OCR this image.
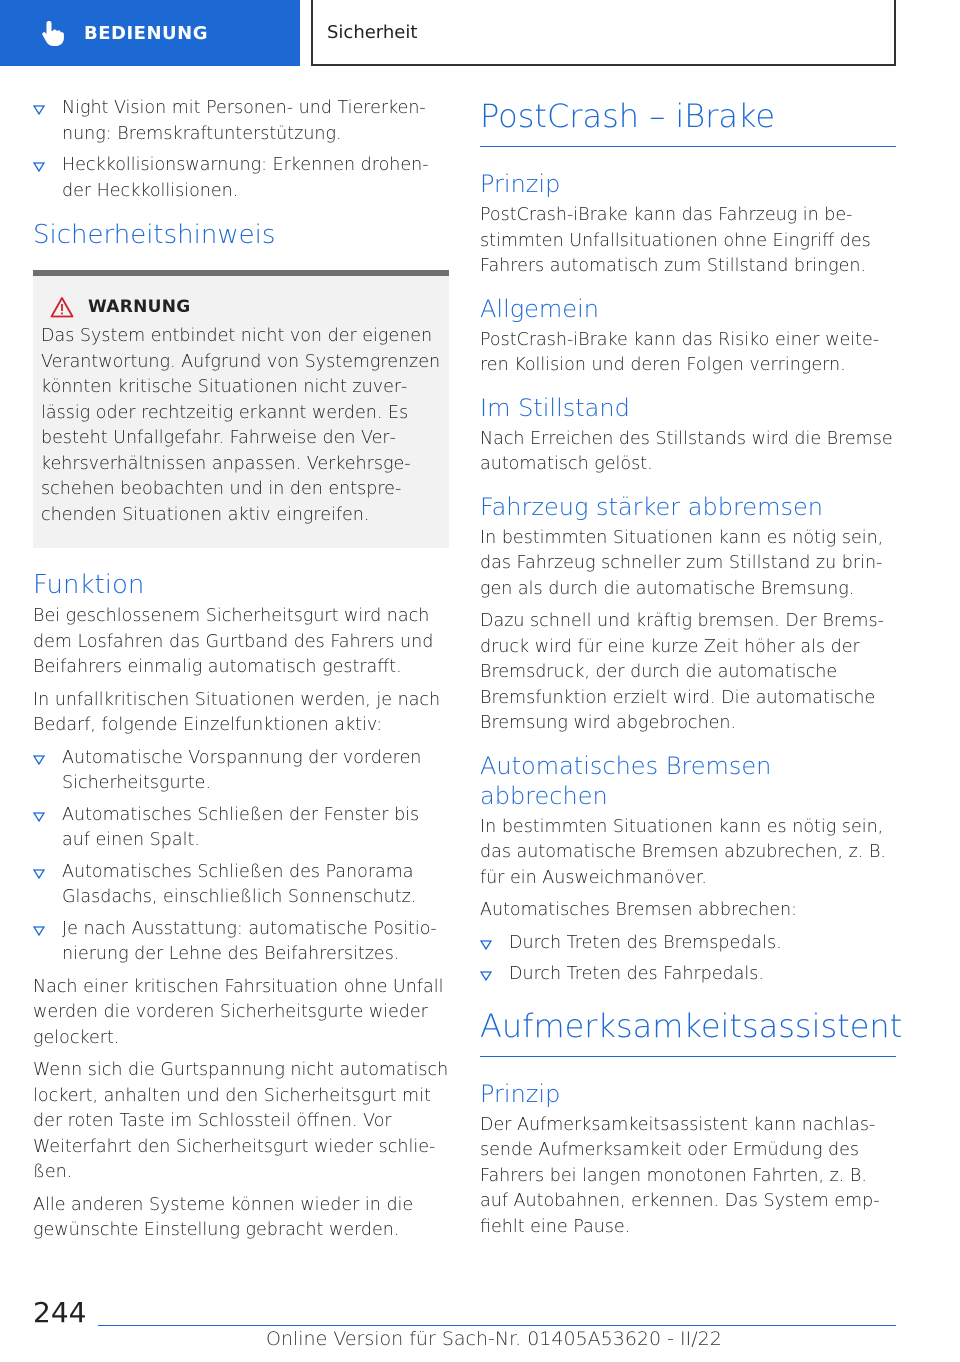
BEDIENUNG	Sicherheit
Night Vision mit Personen- und Tiererkennung: Bremskraftunterstützung.
Heckkollisionswarnung: Erkennen drohender Heckkollisionen.
Sicherheitshinweis
WARNUNG

Das System entbindet nicht von der eigenen Verantwortung. Aufgrund von Systemgrenzen könnten kritische Situationen nicht zuverlässig oder rechtzeitig erkannt werden. Es besteht Unfallgefahr. Fahrweise den Verkehrsverhältnissen anpassen. Verkehrsgeschehen beobachten und in den entsprechenden Situationen aktiv eingreifen.

Funktion

Bei geschlossenem Sicherheitsgurt wird nach dem Losfahren das Gurtband des Fahrers und Beifahrers einmalig automatisch gestrafft.

In unfallkritischen Situationen werden, je nach Bedarf, folgende Einzelfunktionen aktiv:

Automatische Vorspannung der vorderen Sicherheitsgurte.
Automatisches Schließen der Fenster bis auf einen Spalt.
Automatisches Schließen des Panorama Glasdachs, einschließlich Sonnenschutz.
Je nach Ausstattung: automatische Positionierung der Lehne des Beifahrersitzes.

Nach einer kritischen Fahrsituation ohne Unfall werden die vorderen Sicherheitsgurte wieder gelockert.

Wenn sich die Gurtspannung nicht automatisch lockert, anhalten und den Sicherheitsgurt mit der roten Taste im Schlossteil öffnen. Vor Weiterfahrt den Sicherheitsgurt wieder schließen.

Alle anderen Systeme können wieder in die gewünschte Einstellung gebracht werden.

PostCrash – iBrake
Prinzip

PostCrash-iBrake kann das Fahrzeug in bestimmten Unfallsituationen ohne Eingriff des Fahrers automatisch zum Stillstand bringen.

Allgemein

PostCrash-iBrake kann das Risiko einer weiteren Kollision und deren Folgen verringern.

Im Stillstand

Nach Erreichen des Stillstands wird die Bremse automatisch gelöst.

Fahrzeug stärker abbremsen

In bestimmten Situationen kann es nötig sein, das Fahrzeug schneller zum Stillstand zu bringen als durch die automatische Bremsung.

Dazu schnell und kräftig bremsen. Der Bremsdruck wird für eine kurze Zeit höher als der Bremsdruck, der durch die automatische Bremsfunktion erzielt wird. Die automatische Bremsung wird abgebrochen.

Automatisches Bremsen abbrechen

In bestimmten Situationen kann es nötig sein, das automatische Bremsen abzubrechen, z. B. für ein Ausweichmanöver.

Automatisches Bremsen abbrechen:

Durch Treten des Bremspedals.
Durch Treten des Fahrpedals.
Aufmerksamkeitsassistent
Prinzip

Der Aufmerksamkeitsassistent kann nachlassende Aufmerksamkeit oder Ermüdung des Fahrers bei langen monotonen Fahrten, z. B. auf Autobahnen, erkennen. Das System empfiehlt eine Pause.

244
Online Version für Sach-Nr. 01405A53620 - II/22
